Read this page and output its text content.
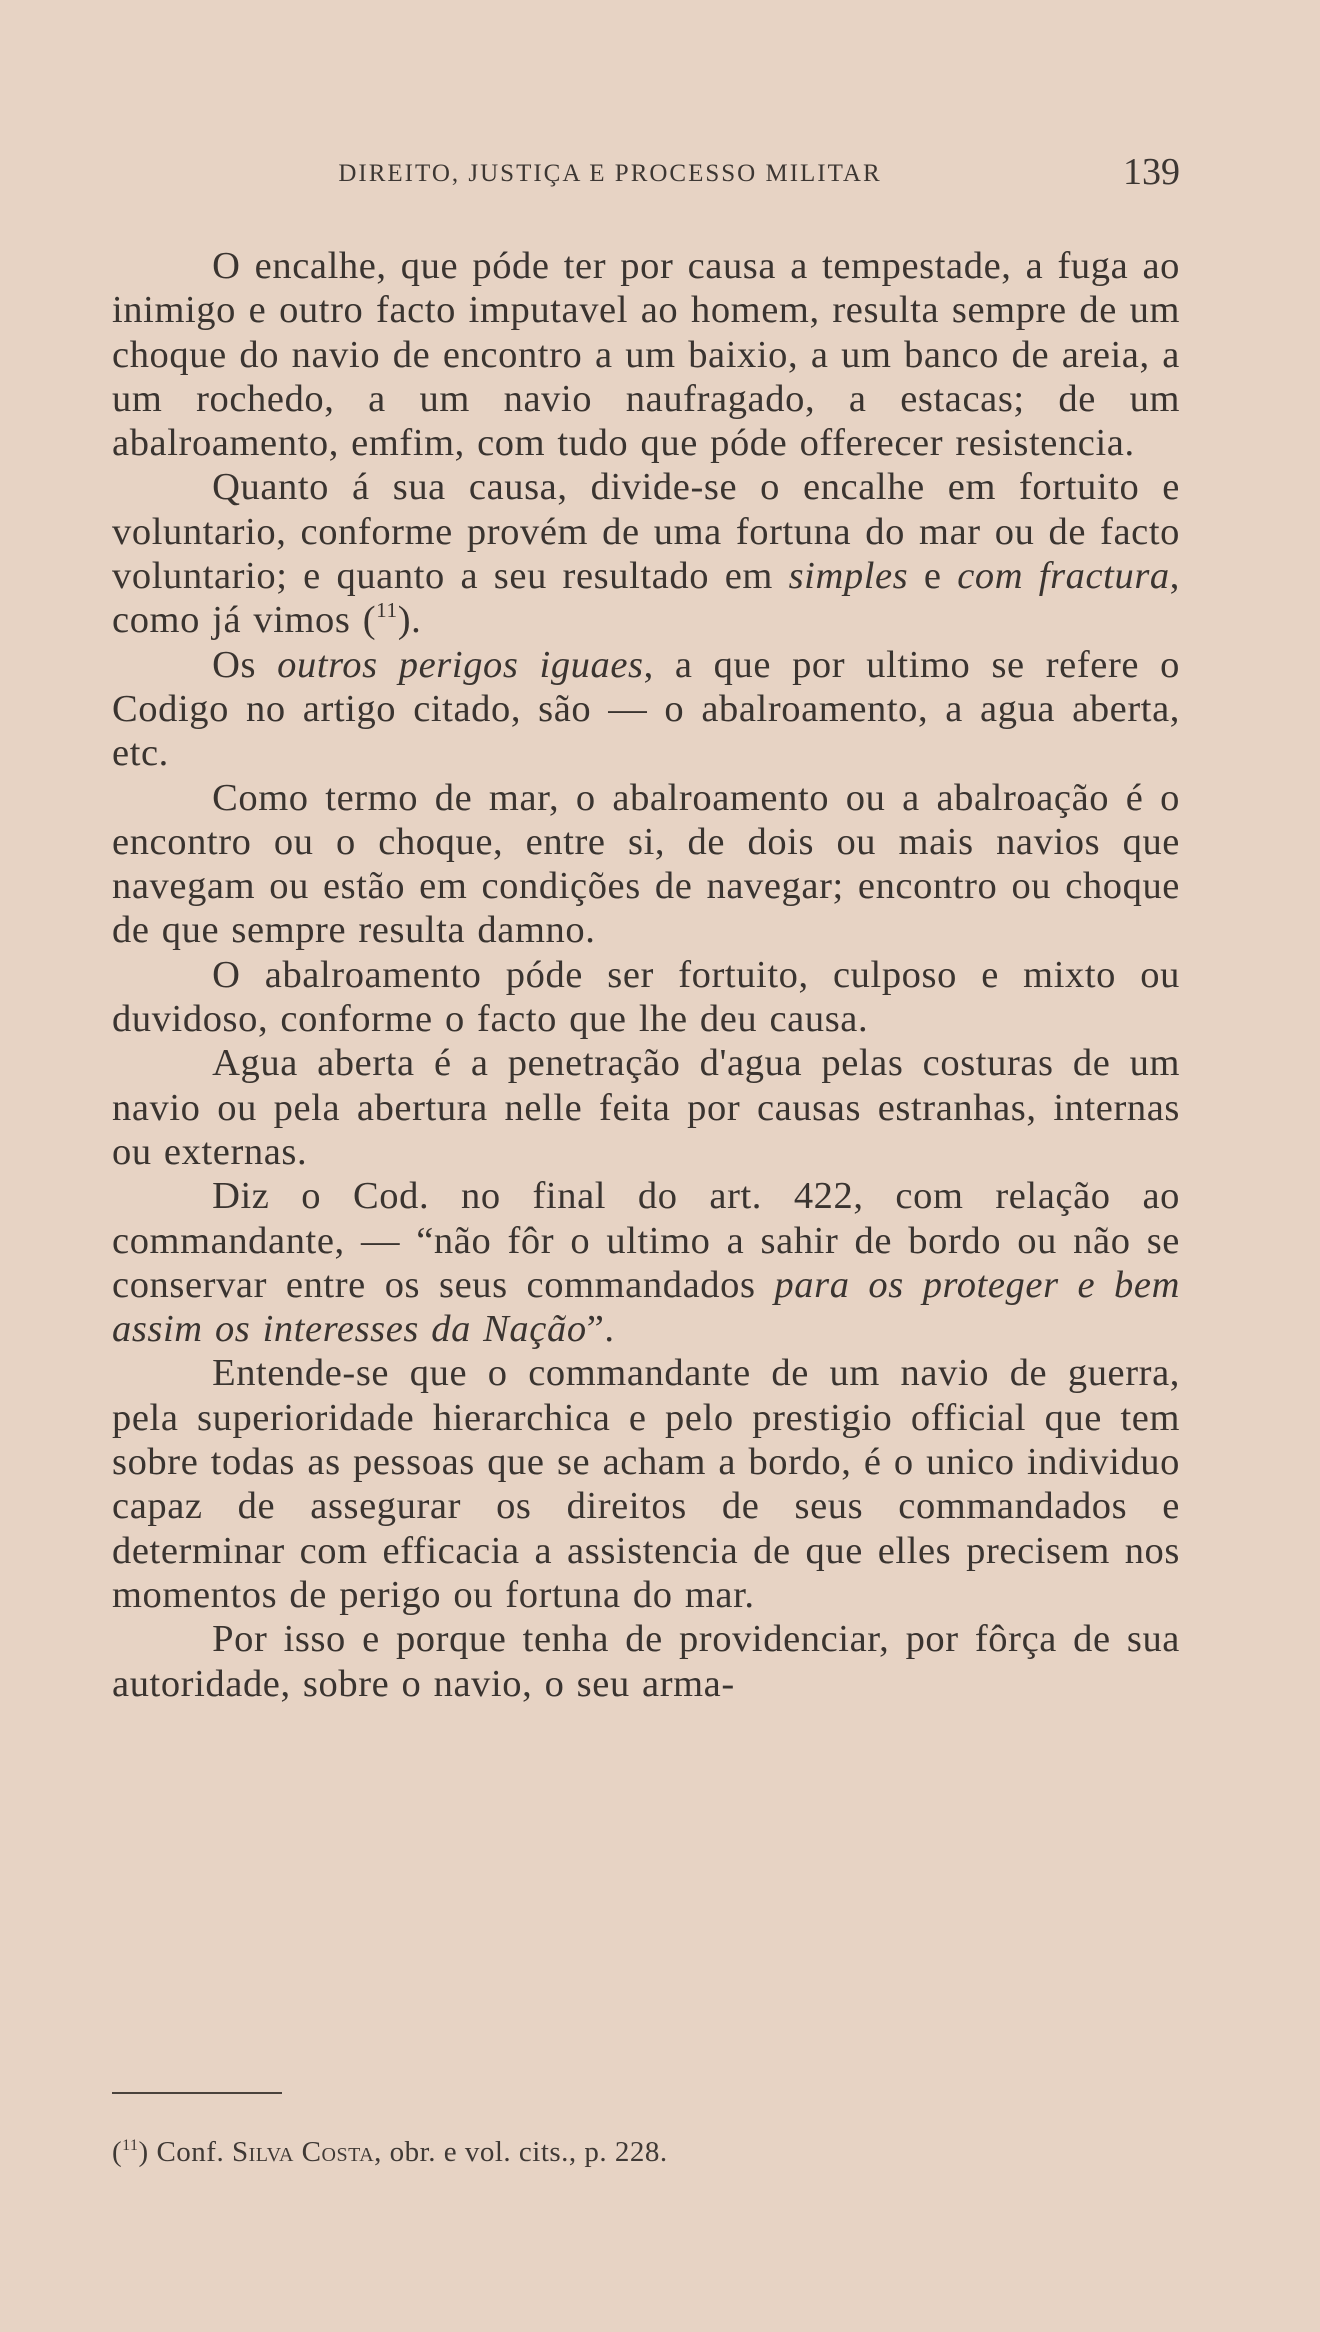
DIREITO, JUSTIÇA E PROCESSO MILITAR	139

O encalhe, que póde ter por causa a tempestade, a fuga ao inimigo e outro facto imputavel ao homem, resulta sempre de um choque do navio de encontro a um baixio, a um banco de areia, a um rochedo, a um navio naufragado, a estacas; de um abalroamento, emfim, com tudo que póde offerecer resistencia.

Quanto á sua causa, divide-se o encalhe em fortuito e voluntario, conforme provém de uma fortuna do mar ou de facto voluntario; e quanto a seu resultado em simples e com fractura, como já vimos ($^{11}$).

Os outros perigos iguaes, a que por ultimo se refere o Codigo no artigo citado, são — o abalroamento, a agua aberta, etc.

Como termo de mar, o abalroamento ou a abalroação é o encontro ou o choque, entre si, de dois ou mais navios que navegam ou estão em condições de navegar; encontro ou choque de que sempre resulta damno.

O abalroamento póde ser fortuito, culposo e mixto ou duvidoso, conforme o facto que lhe deu causa.

Agua aberta é a penetração d'agua pelas costuras de um navio ou pela abertura nelle feita por causas estranhas, internas ou externas.

Diz o Cod. no final do art. 422, com relação ao commandante, — “não fôr o ultimo a sahir de bordo ou não se conservar entre os seus commandados para os proteger e bem assim os interesses da Nação”.

Entende-se que o commandante de um navio de guerra, pela superioridade hierarchica e pelo prestigio official que tem sobre todas as pessoas que se acham a bordo, é o unico individuo capaz de assegurar os direitos de seus commandados e determinar com efficacia a assistencia de que elles precisem nos momentos de perigo ou fortuna do mar.

Por isso e porque tenha de providenciar, por fôrça de sua autoridade, sobre o navio, o seu arma-

($^{11}$) Conf. Silva Costa, obr. e vol. cits., p. 228.
